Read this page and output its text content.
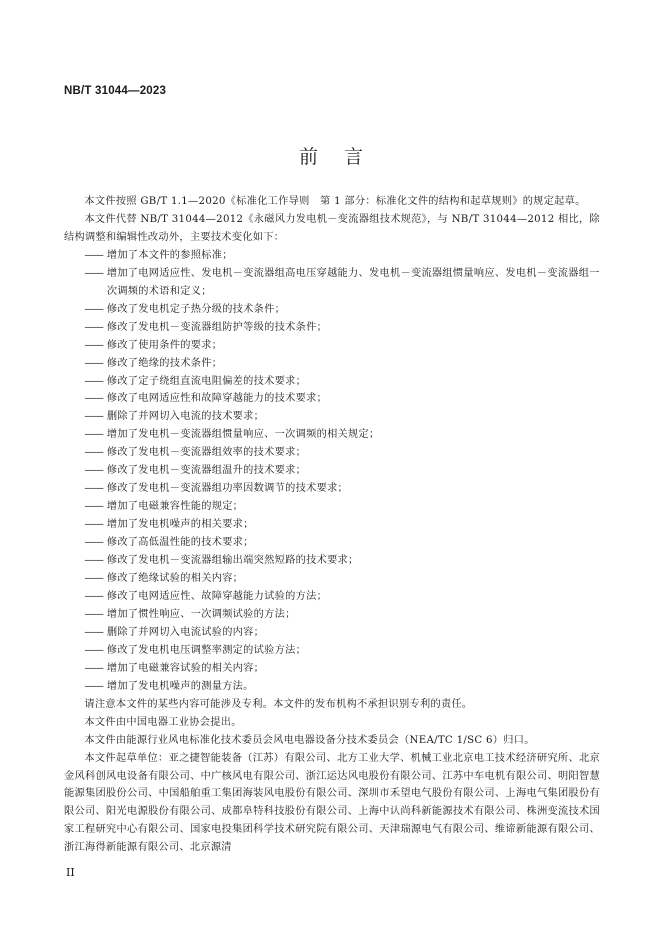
NB/T 31044—2023
前言

本文件按照 GB/T 1.1—2020《标准化工作导则　第 1 部分：标准化文件的结构和起草规则》的规定起草。

本文件代替 NB/T 31044—2012《永磁风力发电机－变流器组技术规范》，与 NB/T 31044—2012 相比，除结构调整和编辑性改动外，主要技术变化如下：

—— 增加了本文件的参照标准；

—— 增加了电网适应性、发电机－变流器组高电压穿越能力、发电机－变流器组惯量响应、发电机－变流器组一次调频的术语和定义；

—— 修改了发电机定子热分级的技术条件；

—— 修改了发电机－变流器组防护等级的技术条件；

—— 修改了使用条件的要求；

—— 修改了绝缘的技术条件；

—— 修改了定子绕组直流电阻偏差的技术要求；

—— 修改了电网适应性和故障穿越能力的技术要求；

—— 删除了并网切入电流的技术要求；

—— 增加了发电机－变流器组惯量响应、一次调频的相关规定；

—— 修改了发电机－变流器组效率的技术要求；

—— 修改了发电机－变流器组温升的技术要求；

—— 修改了发电机－变流器组功率因数调节的技术要求；

—— 增加了电磁兼容性能的规定；

—— 增加了发电机噪声的相关要求；

—— 修改了高低温性能的技术要求；

—— 修改了发电机－变流器组输出端突然短路的技术要求；

—— 修改了绝缘试验的相关内容；

—— 修改了电网适应性、故障穿越能力试验的方法；

—— 增加了惯性响应、一次调频试验的方法；

—— 删除了并网切入电流试验的内容；

—— 修改了发电机电压调整率测定的试验方法；

—— 增加了电磁兼容试验的相关内容；

—— 增加了发电机噪声的测量方法。

请注意本文件的某些内容可能涉及专利。本文件的发布机构不承担识别专利的责任。

本文件由中国电器工业协会提出。

本文件由能源行业风电标准化技术委员会风电电器设备分技术委员会（NEA/TC 1/SC 6）归口。

本文件起草单位：亚之捷智能装备（江苏）有限公司、北方工业大学、机械工业北京电工技术经济研究所、北京金风科创风电设备有限公司、中广核风电有限公司、浙江运达风电股份有限公司、江苏中车电机有限公司、明阳智慧能源集团股份公司、中国船舶重工集团海装风电股份有限公司、深圳市禾望电气股份有限公司、上海电气集团股份有限公司、阳光电源股份有限公司、成都阜特科技股份有限公司、上海中认尚科新能源技术有限公司、株洲变流技术国家工程研究中心有限公司、国家电投集团科学技术研究院有限公司、天津瑞源电气有限公司、维谛新能源有限公司、浙江海得新能源有限公司、北京源清

II
